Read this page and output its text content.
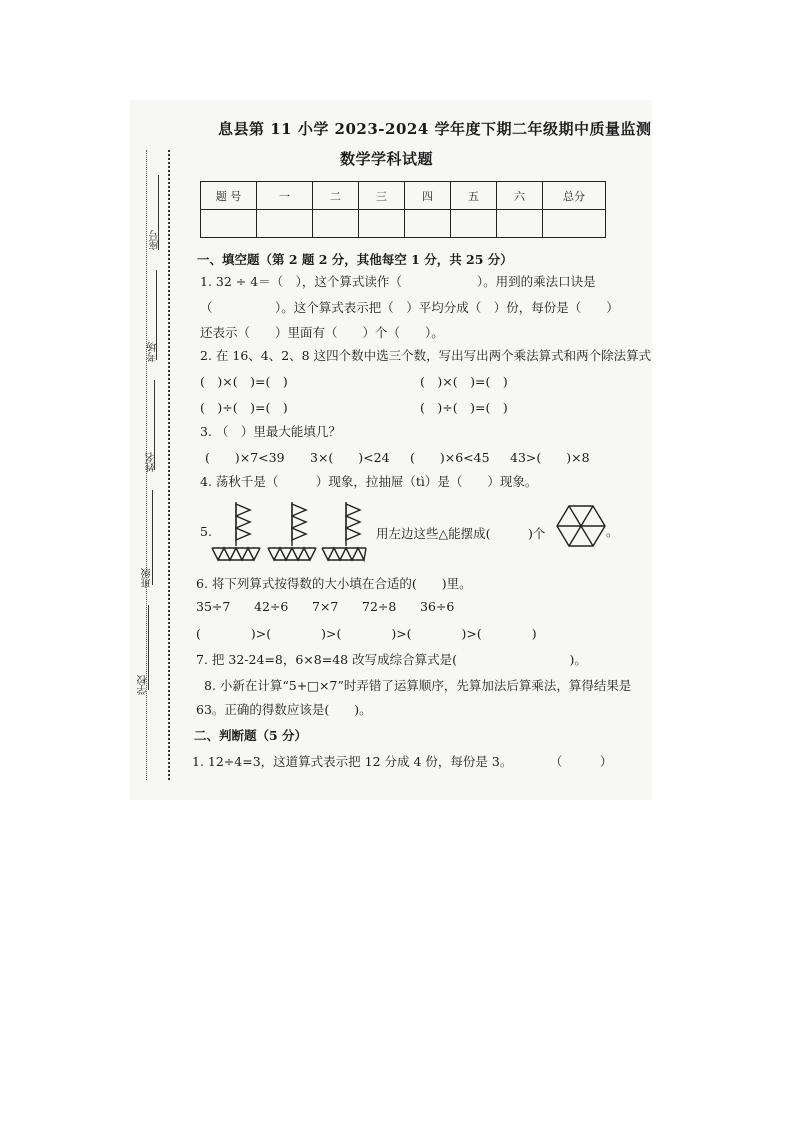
座号
考场
姓名
班级
学校
息县第 11 小学 2023-2024 学年度下期二年级期中质量监测
数学学科试题
题 号	一	二	三	四	五	六	总分

一、填空题（第 2 题 2 分，其他每空 1 分，共 25 分）
1. 32 ÷ 4＝（　），这个算式读作（　　　　　　）。用到的乘法口诀是
（　　　　　）。这个算式表示把（　）平均分成（　）份，每份是（　　）
还表示（　　）里面有（　　）个（　　）。
2. 在 16、4、2、8 这四个数中选三个数，写出写出两个乘法算式和两个除法算式
(　)×(　)=(　)	(　)×(　)=(　)
(　)÷(　)=(　)	(　)÷(　)=(　)
3. （　）里最大能填几？
(　　)×7<39 3×(　　)<24 (　　)×6<45 43>(　　)×8
4. 荡秋千是（　　　）现象，拉抽屉（tì）是（　　）现象。
5.	用左边这些△能摆成(　　　)个	。
6. 将下列算式按得数的大小填在合适的(　　)里。
35÷7 42÷6 7×7 72÷8 36÷6
(　　　　)>(　　　　)>(　　　　)>(　　　　)>(　　　　)
7. 把 32-24=8，6×8=48 改写成综合算式是(　　　　　　　　　)。
8. 小新在计算“5+□×7”时弄错了运算顺序，先算加法后算乘法，算得结果是
63。正确的得数应该是(　　)。
二、判断题（5 分）
1. 12÷4=3，这道算式表示把 12 分成 4 份，每份是 3。　　　　（　　　）
